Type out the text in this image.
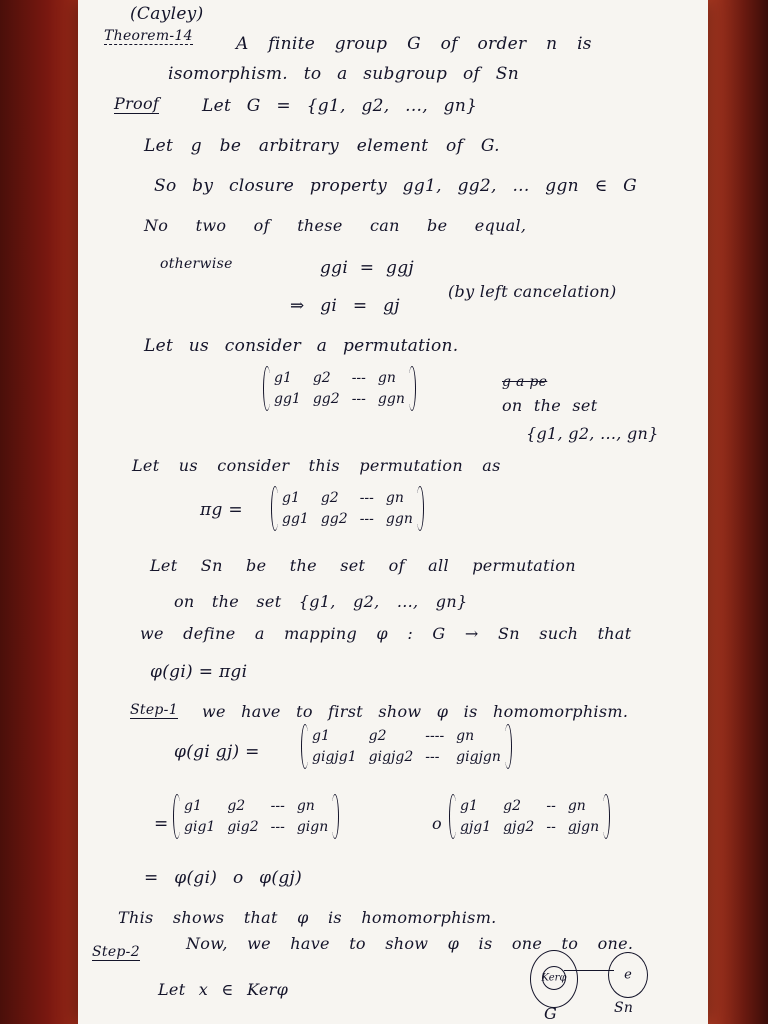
(Cayley)
Theorem-14	A finite group G of order n is
isomorphism. to a subgroup of Sn
Proof	Let G = {g1, g2, ..., gn}
Let g be arbitrary element of G.
So by closure property gg1, gg2, ... ggn ∈ G
No two of these can be equal,
otherwise	ggi = ggj
⇒ gi = gj
(by left cancelation)
Let us consider a permutation.
g1	g2	--- gn
gg1 gg2 --- ggn
g a pe
on the set
{g1, g2, ..., gn}
Let us consider this permutation as
πg =
g1	g2	--- gn
gg1 gg2 --- ggn
Let Sn be the set of all permutation
on the set {g1, g2, ..., gn}
we define a mapping φ : G → Sn such that
φ(gi) = πgi
Step-1 we have to first show φ is homomorphism.
φ(gi gj) =
g1	g2	---- gn
gigjg1 gigjg2 ---	gigjgn
=
g1	g2	--- gn
gig1 gig2 --- gign	o
g1	g2	-- gn
gjg1 gjg2 -- gjgn
= φ(gi) o φ(gj)
This shows that φ is homomorphism.
Step-2	Now, we have to show φ is one to one.
Let x ∈ Kerφ
Kerφ	e
G	Sn
